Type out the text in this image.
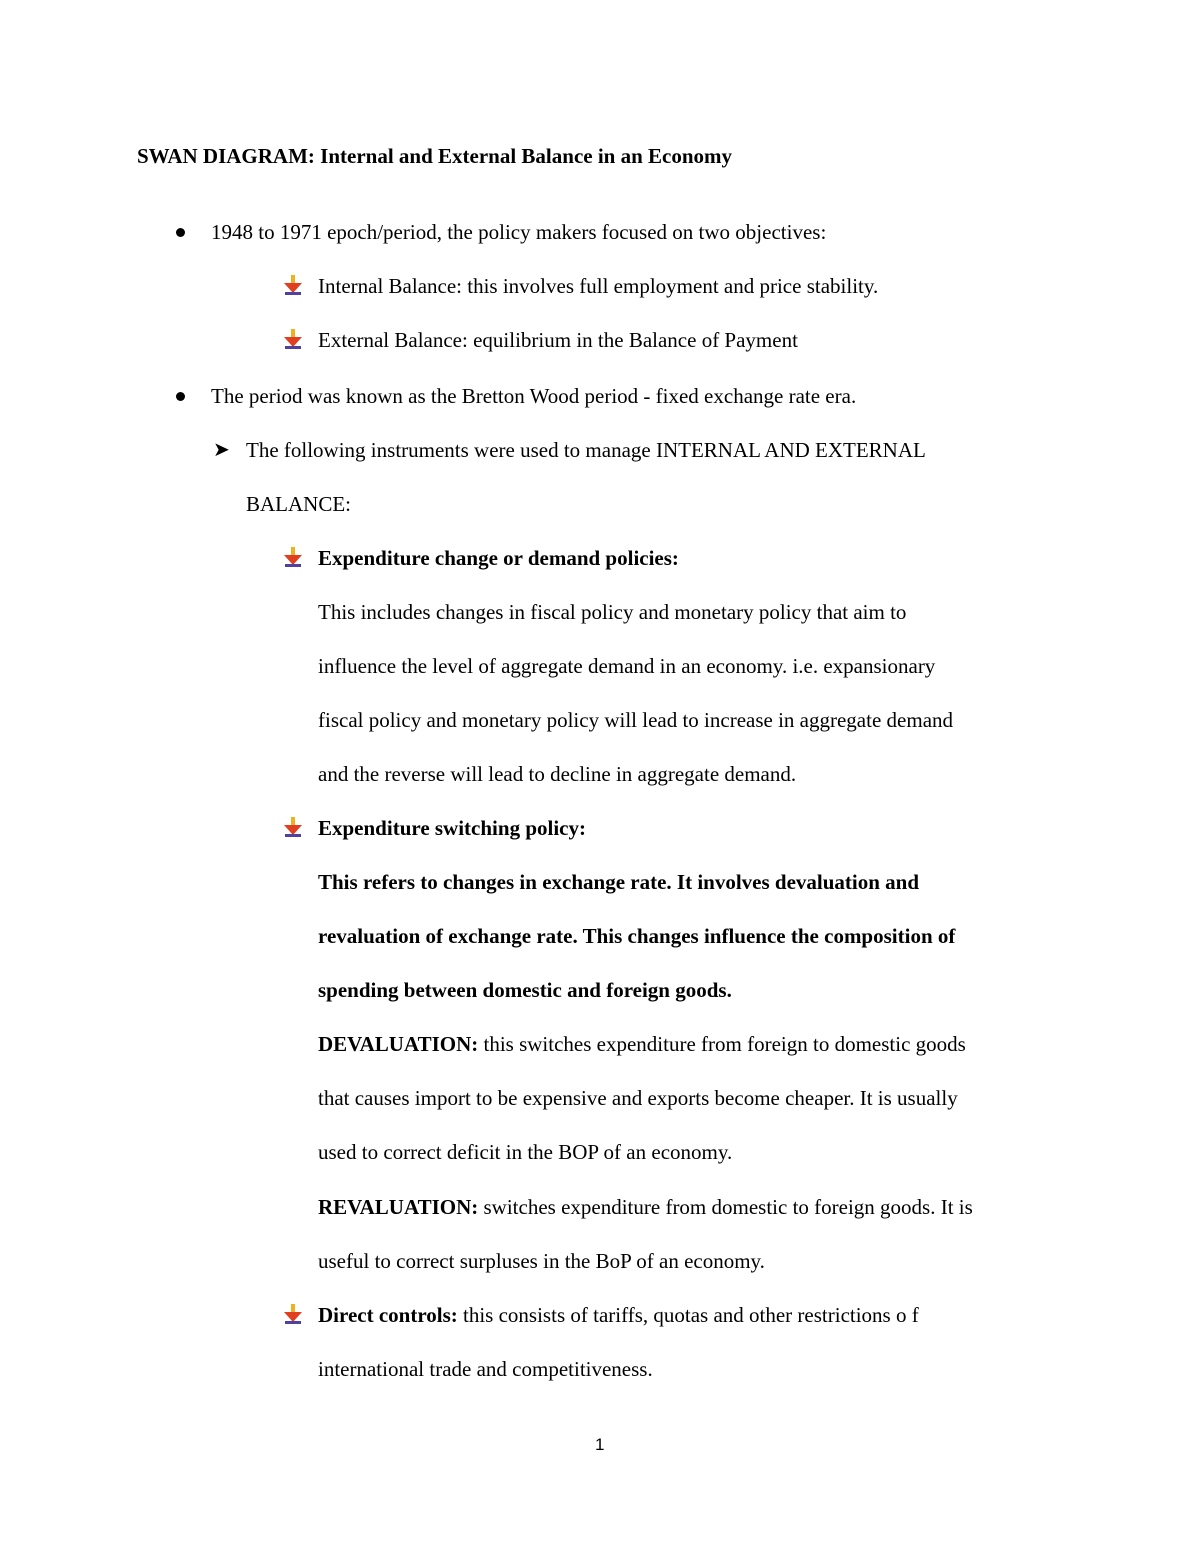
SWAN DIAGRAM: Internal and External Balance in an Economy
1948 to 1971 epoch/period, the policy makers focused on two objectives:
Internal Balance: this involves full employment and price stability.
External Balance: equilibrium in the Balance of Payment
The period was known as the Bretton Wood period - fixed exchange rate era.
➤ The following instruments were used to manage INTERNAL AND EXTERNAL
BALANCE:
Expenditure change or demand policies:
This includes changes in fiscal policy and monetary policy that aim to
influence the level of aggregate demand in an economy. i.e. expansionary
fiscal policy and monetary policy will lead to increase in aggregate demand
and the reverse will lead to decline in aggregate demand.
Expenditure switching policy:
This refers to changes in exchange rate. It involves devaluation and
revaluation of exchange rate. This changes influence the composition of
spending between domestic and foreign goods.
DEVALUATION: this switches expenditure from foreign to domestic goods
that causes import to be expensive and exports become cheaper. It is usually
used to correct deficit in the BOP of an economy.
REVALUATION: switches expenditure from domestic to foreign goods. It is
useful to correct surpluses in the BoP of an economy.
Direct controls: this consists of tariffs, quotas and other restrictions o f
international trade and competitiveness.
1
